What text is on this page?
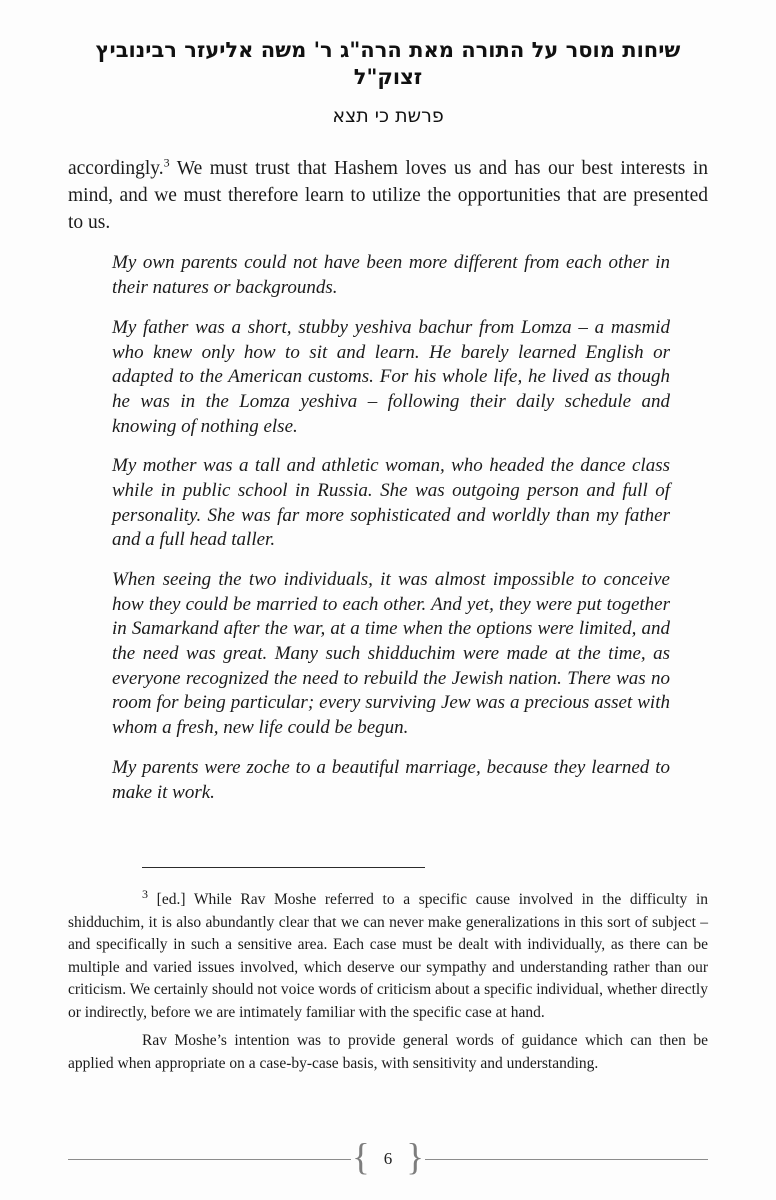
שיחות מוסר על התורה מאת הרה"ג ר' משה אליעזר רבינוביץ זצוק"ל
פרשת כי תצא

accordingly.$^3$ We must trust that Hashem loves us and has our best interests in mind, and we must therefore learn to utilize the opportunities that are presented to us.

My own parents could not have been more different from each other in their natures or backgrounds.

My father was a short, stubby yeshiva bachur from Lomza – a masmid who knew only how to sit and learn. He barely learned English or adapted to the American customs. For his whole life, he lived as though he was in the Lomza yeshiva – following their daily schedule and knowing of nothing else.

My mother was a tall and athletic woman, who headed the dance class while in public school in Russia. She was outgoing person and full of personality. She was far more sophisticated and worldly than my father and a full head taller.

When seeing the two individuals, it was almost impossible to conceive how they could be married to each other. And yet, they were put together in Samarkand after the war, at a time when the options were limited, and the need was great. Many such shidduchim were made at the time, as everyone recognized the need to rebuild the Jewish nation. There was no room for being particular; every surviving Jew was a precious asset with whom a fresh, new life could be begun.

My parents were zoche to a beautiful marriage, because they learned to make it work.

$^3$ [ed.] While Rav Moshe referred to a specific cause involved in the difficulty in shidduchim, it is also abundantly clear that we can never make generalizations in this sort of subject – and specifically in such a sensitive area. Each case must be dealt with individually, as there can be multiple and varied issues involved, which deserve our sympathy and understanding rather than our criticism. We certainly should not voice words of criticism about a specific individual, whether directly or indirectly, before we are intimately familiar with the specific case at hand.

Rav Moshe’s intention was to provide general words of guidance which can then be applied when appropriate on a case-by-case basis, with sensitivity and understanding.

{ 6 }
